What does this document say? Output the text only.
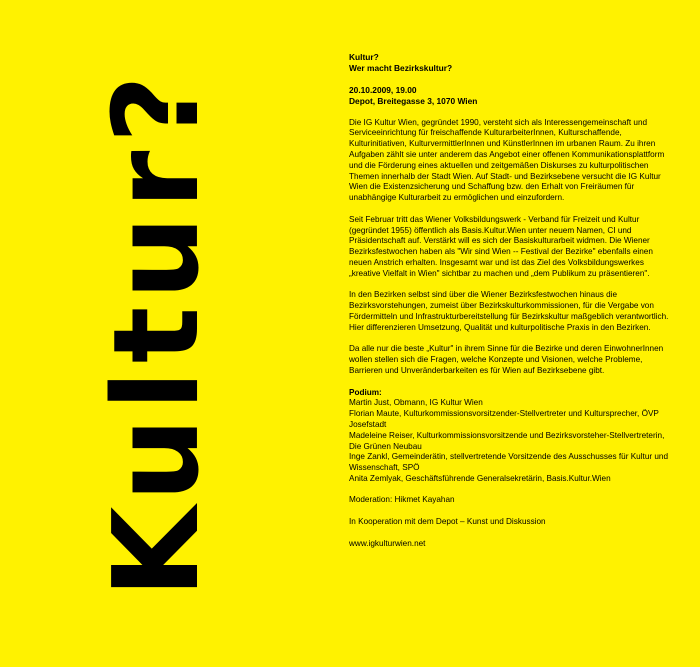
Kultur?

Kultur?

Wer macht Bezirkskultur?

20.10.2009, 19.00

Depot, Breitegasse 3, 1070 Wien

Die IG Kultur Wien, gegründet 1990, versteht sich als Interessengemeinschaft und Serviceeinrichtung für freischaffende KulturarbeiterInnen, Kulturschaffende, Kulturinitiativen, KulturvermittlerInnen und KünstlerInnen im urbanen Raum. Zu ihren Aufgaben zählt sie unter anderem das Angebot einer offenen Kommunikationsplattform und die Förderung eines aktuellen und zeitgemäßen Diskurses zu kulturpolitischen Themen innerhalb der Stadt Wien. Auf Stadt- und Bezirksebene versucht die IG Kultur Wien die Existenzsicherung und Schaffung bzw. den Erhalt von Freiräumen für unabhängige Kulturarbeit zu ermöglichen und einzufordern.

Seit Februar tritt das Wiener Volksbildungswerk - Verband für Freizeit und Kultur (gegründet 1955) öffentlich als Basis.Kultur.Wien unter neuem Namen, CI und Präsidentschaft auf. Verstärkt will es sich der Basiskulturarbeit widmen. Die Wiener Bezirksfestwochen haben als "Wir sind Wien -- Festival der Bezirke" ebenfalls einen neuen Anstrich erhalten. Insgesamt war und ist das Ziel des Volksbildungswerkes „kreative Vielfalt in Wien" sichtbar zu machen und „dem Publikum zu präsentieren".

In den Bezirken selbst sind über die Wiener Bezirksfestwochen hinaus die Bezirksvorstehungen, zumeist über Bezirkskulturkommissionen, für die Vergabe von Fördermitteln und Infrastrukturbereitstellung für Bezirkskultur maßgeblich verantwortlich. Hier differenzieren Umsetzung, Qualität und kulturpolitische Praxis in den Bezirken.

Da alle nur die beste „Kultur" in ihrem Sinne für die Bezirke und deren EinwohnerInnen wollen stellen sich die Fragen, welche Konzepte und Visionen, welche Probleme, Barrieren und Unveränderbarkeiten es für Wien auf Bezirksebene gibt.

Podium:

Martin Just, Obmann, IG Kultur Wien

Florian Maute, Kulturkommissionsvorsitzender-Stellvertreter und Kultursprecher, ÖVP Josefstadt

Madeleine Reiser, Kulturkommissionsvorsitzende und Bezirksvorsteher-Stellvertreterin, Die Grünen Neubau

Inge Zankl, Gemeinderätin, stellvertretende Vorsitzende des Ausschusses für Kultur und Wissenschaft, SPÖ

Anita Zemlyak, Geschäftsführende Generalsekretärin, Basis.Kultur.Wien

Moderation: Hikmet Kayahan

In Kooperation mit dem Depot – Kunst und Diskussion

www.igkulturwien.net
